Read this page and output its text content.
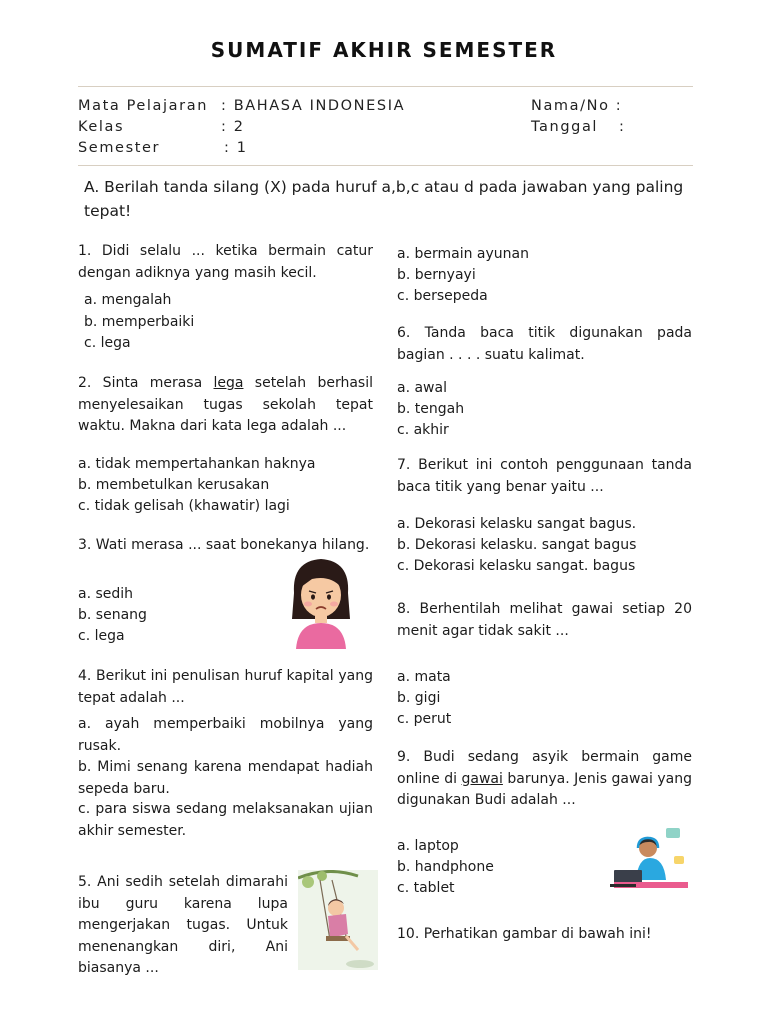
SUMATIF AKHIR SEMESTER
Mata Pelajaran : BAHASA INDONESIA
Kelas	: 2
Semester	: 1
Nama/No :
Tanggal :
A. Berilah tanda silang (X) pada huruf a,b,c atau d pada jawaban yang paling tepat!
1. Didi selalu ... ketika bermain catur dengan adiknya yang masih kecil.
a. mengalah
b. memperbaiki
c. lega
2. Sinta merasa lega setelah berhasil menyelesaikan tugas sekolah tepat waktu. Makna dari kata lega adalah ...
a. tidak mempertahankan haknya
b. membetulkan kerusakan
c. tidak gelisah (khawatir) lagi
3. Wati merasa ... saat bonekanya hilang.
a. sedih
b. senang
c. lega
4. Berikut ini penulisan huruf kapital yang tepat adalah ...
a. ayah memperbaiki mobilnya yang rusak.
b. Mimi senang karena mendapat hadiah sepeda baru.
c. para siswa sedang melaksanakan ujian akhir semester.
5. Ani sedih setelah dimarahi ibu guru karena lupa mengerjakan tugas. Untuk menenangkan diri, Ani biasanya ...
a. bermain ayunan
b. bernyayi
c. bersepeda
6. Tanda baca titik digunakan pada bagian . . . . suatu kalimat.
a. awal
b. tengah
c. akhir
7. Berikut ini contoh penggunaan tanda baca titik yang benar yaitu ...
a. Dekorasi kelasku sangat bagus.
b. Dekorasi kelasku. sangat bagus
c. Dekorasi kelasku sangat. bagus
8. Berhentilah melihat gawai setiap 20 menit agar tidak sakit ...
a. mata
b. gigi
c. perut
9. Budi sedang asyik bermain game online di gawai barunya. Jenis gawai yang digunakan Budi adalah ...
a. laptop
b. handphone
c. tablet
10. Perhatikan gambar di bawah ini!
